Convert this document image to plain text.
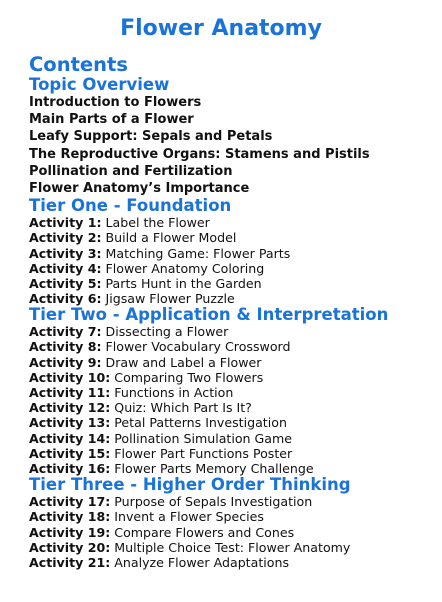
Flower Anatomy
Contents
Topic Overview
Introduction to Flowers
Main Parts of a Flower
Leafy Support: Sepals and Petals
The Reproductive Organs: Stamens and Pistils
Pollination and Fertilization
Flower Anatomy’s Importance
Tier One - Foundation
Activity 1: Label the Flower
Activity 2: Build a Flower Model
Activity 3: Matching Game: Flower Parts
Activity 4: Flower Anatomy Coloring
Activity 5: Parts Hunt in the Garden
Activity 6: Jigsaw Flower Puzzle
Tier Two - Application & Interpretation
Activity 7: Dissecting a Flower
Activity 8: Flower Vocabulary Crossword
Activity 9: Draw and Label a Flower
Activity 10: Comparing Two Flowers
Activity 11: Functions in Action
Activity 12: Quiz: Which Part Is It?
Activity 13: Petal Patterns Investigation
Activity 14: Pollination Simulation Game
Activity 15: Flower Part Functions Poster
Activity 16: Flower Parts Memory Challenge
Tier Three - Higher Order Thinking
Activity 17: Purpose of Sepals Investigation
Activity 18: Invent a Flower Species
Activity 19: Compare Flowers and Cones
Activity 20: Multiple Choice Test: Flower Anatomy
Activity 21: Analyze Flower Adaptations
